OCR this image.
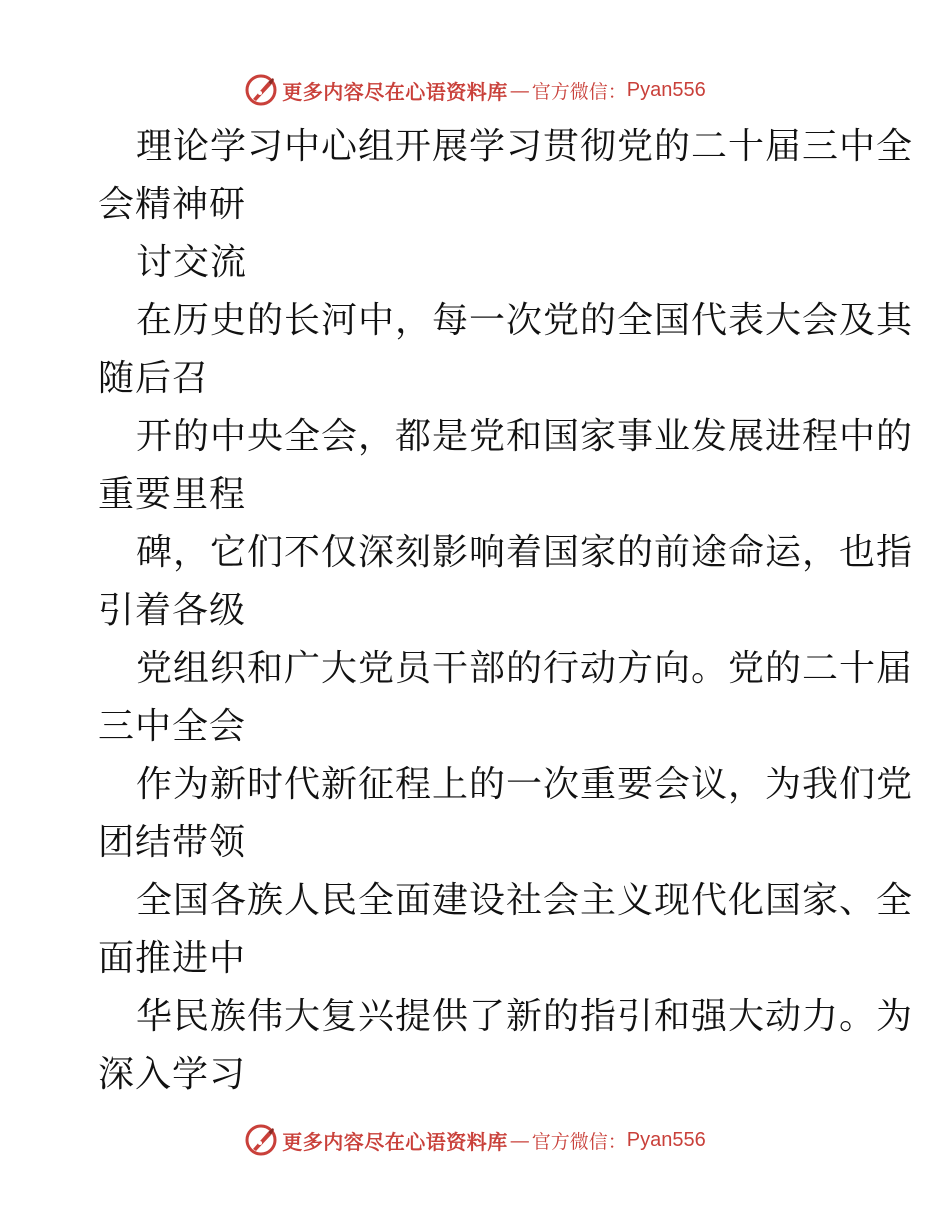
更多内容尽在心语资料库 — 官方微信： Pyan556
理论学习中心组开展学习贯彻党的二十届三中全
会精神研
讨交流
在历史的长河中，每一次党的全国代表大会及其
随后召
开的中央全会，都是党和国家事业发展进程中的
重要里程
碑，它们不仅深刻影响着国家的前途命运，也指
引着各级
党组织和广大党员干部的行动方向。党的二十届
三中全会
作为新时代新征程上的一次重要会议，为我们党
团结带领
全国各族人民全面建设社会主义现代化国家、全
面推进中
华民族伟大复兴提供了新的指引和强大动力。为
深入学习
更多内容尽在心语资料库 — 官方微信： Pyan556
